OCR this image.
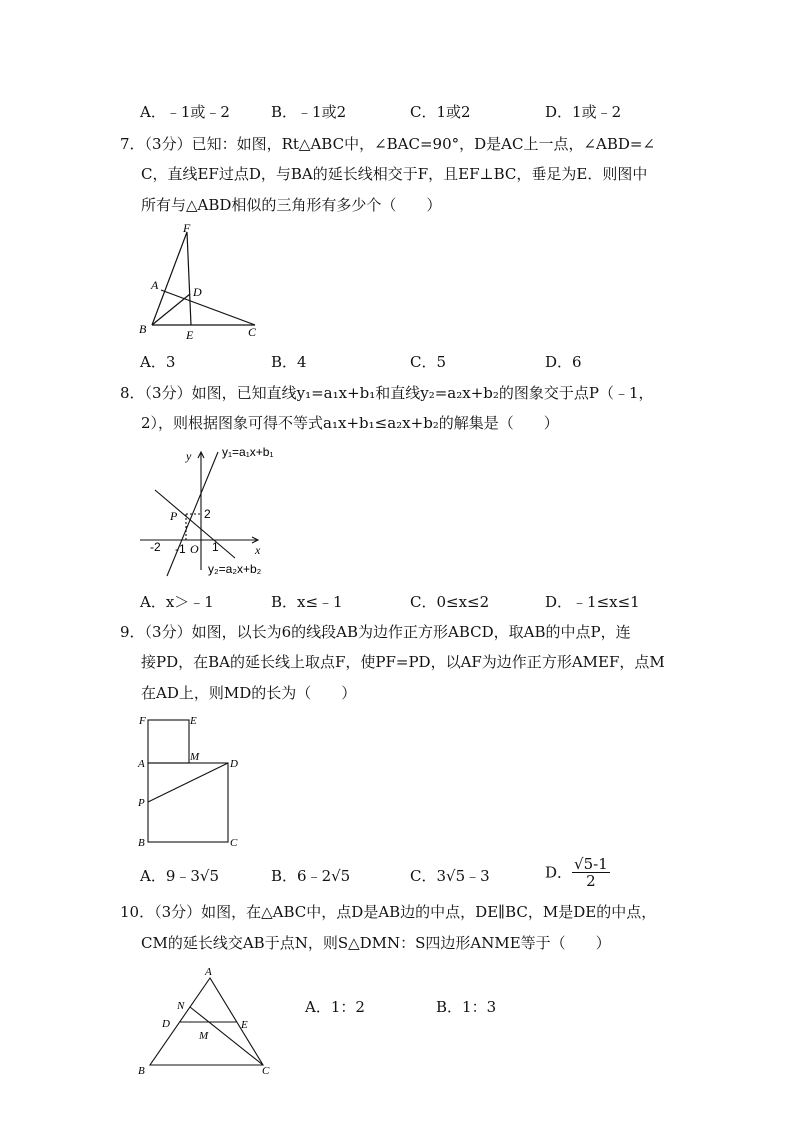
A．﹣1或﹣2	B．﹣1或2	C．1或2	D．1或﹣2
7．（3分）已知：如图，Rt△ABC中，∠BAC=90°，D是AC上一点，∠ABD=∠
C，直线EF过点D，与BA的延长线相交于F，且EF⊥BC，垂足为E．则图中
所有与△ABD相似的三角形有多少个（　　）
F
A	D
B	E	C
A．3	B．4	C．5	D．6
8．（3分）如图，已知直线y₁=a₁x+b₁和直线y₂=a₂x+b₂的图象交于点P（﹣1，
2），则根据图象可得不等式a₁x+b₁≤a₂x+b₂的解集是（　　）
y₁=a₁x+b₁
y₂=a₂x+b₂
y
x
P
O
2
-2 -1 1
A．x＞﹣1	B．x≤﹣1	C．0≤x≤2	D．﹣1≤x≤1
9．（3分）如图，以长为6的线段AB为边作正方形ABCD，取AB的中点P，连
接PD，在BA的延长线上取点F，使PF=PD，以AF为边作正方形AMEF，点M
在AD上，则MD的长为（　　）
F	E
M
A	D
P
B	C
A．9﹣3√5	B．6﹣2√5	C．3√5﹣3	D． $\frac{√5-1}{2}$
10．（3分）如图，在△ABC中，点D是AB边的中点，DE∥BC，M是DE的中点，
CM的延长线交AB于点N，则S△DMN：S四边形ANME等于（　　）
A
N
D	E
M
B	C
A．1：2	B．1：3
